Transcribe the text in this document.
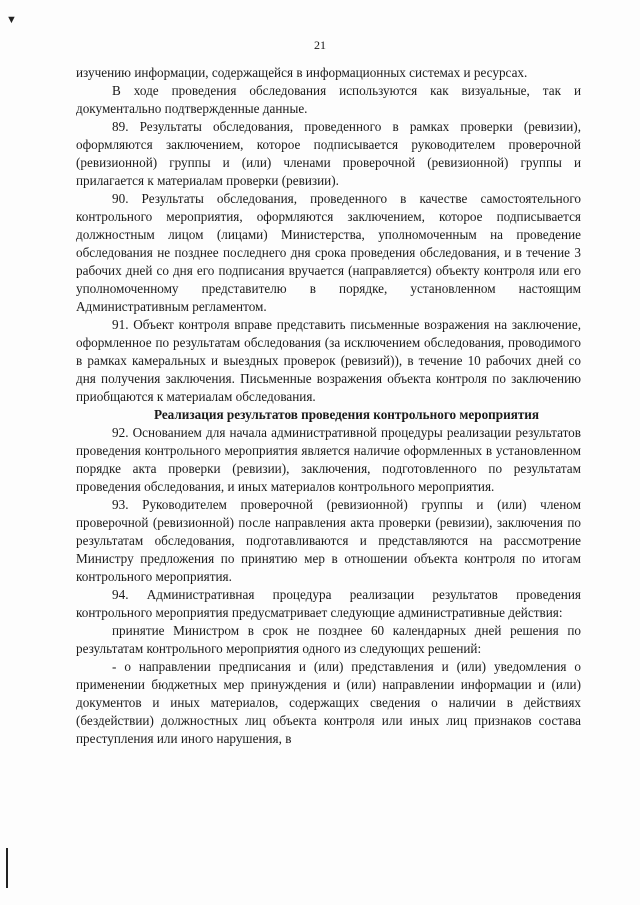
▼
21

изучению информации, содержащейся в информационных системах и ресурсах.

В ходе проведения обследования используются как визуальные, так и документально подтвержденные данные.

89. Результаты обследования, проведенного в рамках проверки (ревизии), оформляются заключением, которое подписывается руководителем проверочной (ревизионной) группы и (или) членами проверочной (ревизионной) группы и прилагается к материалам проверки (ревизии).

90. Результаты обследования, проведенного в качестве самостоятельного контрольного мероприятия, оформляются заключением, которое подписывается должностным лицом (лицами) Министерства, уполномоченным на проведение обследования не позднее последнего дня срока проведения обследования, и в течение 3 рабочих дней со дня его подписания вручается (направляется) объекту контроля или его уполномоченному представителю в порядке, установленном настоящим Административным регламентом.

91. Объект контроля вправе представить письменные возражения на заключение, оформленное по результатам обследования (за исключением обследования, проводимого в рамках камеральных и выездных проверок (ревизий)), в течение 10 рабочих дней со дня получения заключения. Письменные возражения объекта контроля по заключению приобщаются к материалам обследования.

Реализация результатов проведения контрольного мероприятия

92. Основанием для начала административной процедуры реализации результатов проведения контрольного мероприятия является наличие оформленных в установленном порядке акта проверки (ревизии), заключения, подготовленного по результатам проведения обследования, и иных материалов контрольного мероприятия.

93. Руководителем проверочной (ревизионной) группы и (или) членом проверочной (ревизионной) после направления акта проверки (ревизии), заключения по результатам обследования, подготавливаются и представляются на рассмотрение Министру предложения по принятию мер в отношении объекта контроля по итогам контрольного мероприятия.

94. Административная процедура реализации результатов проведения контрольного мероприятия предусматривает следующие административные действия:

принятие Министром в срок не позднее 60 календарных дней решения по результатам контрольного мероприятия одного из следующих решений:

- о направлении предписания и (или) представления и (или) уведомления о применении бюджетных мер принуждения и (или) направлении информации и (или) документов и иных материалов, содержащих сведения о наличии в действиях (бездействии) должностных лиц объекта контроля или иных лиц признаков состава преступления или иного нарушения, в
